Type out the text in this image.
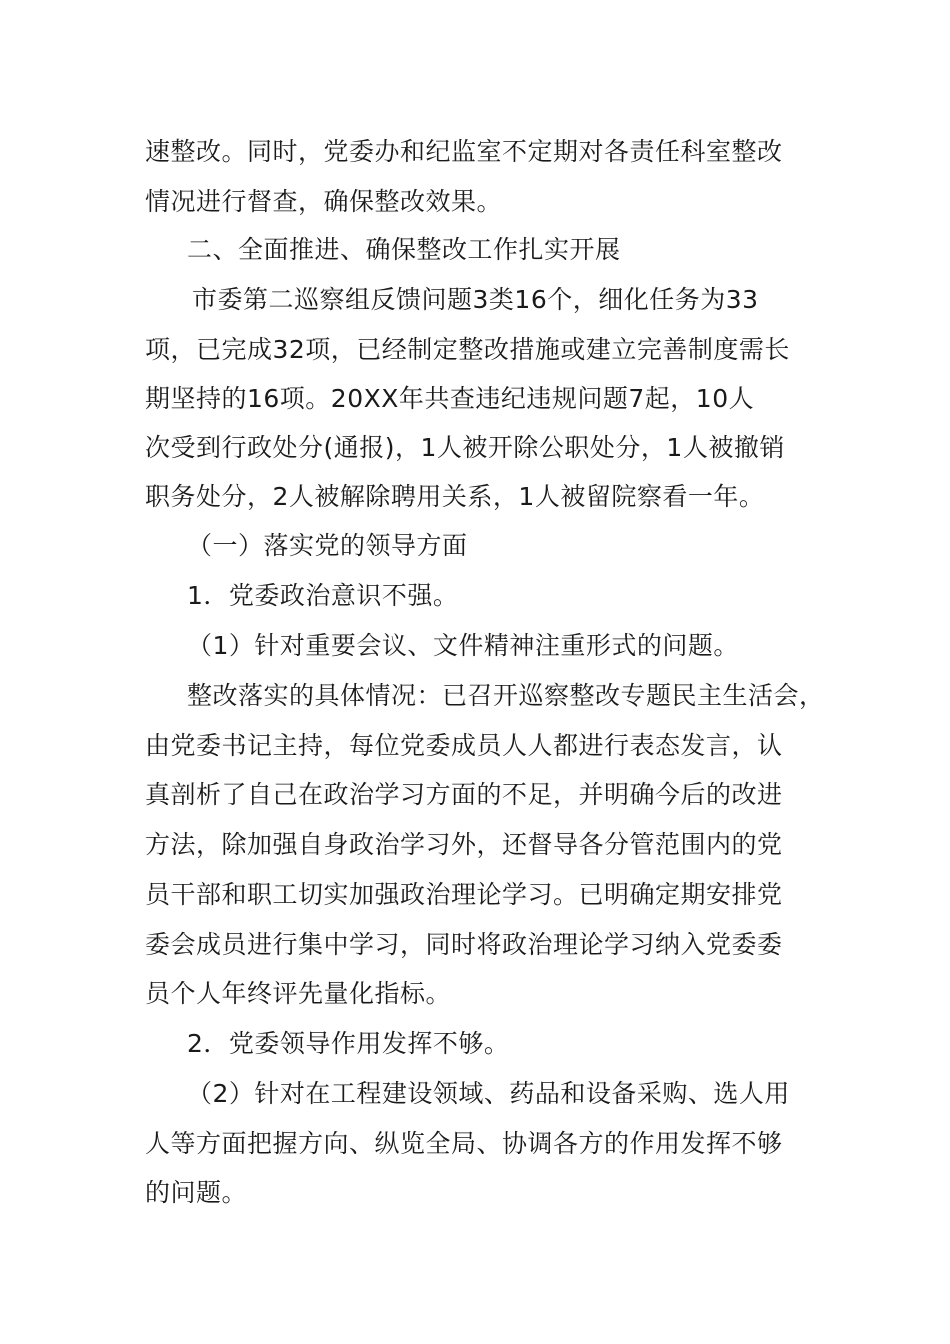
速整改。同时，党委办和纪监室不定期对各责任科室整改
情况进行督查，确保整改效果。
二、全面推进、确保整改工作扎实开展
市委第二巡察组反馈问题3类16个，细化任务为33
项，已完成32项，已经制定整改措施或建立完善制度需长
期坚持的16项。20XX年共查违纪违规问题7起，10人
次受到行政处分(通报)，1人被开除公职处分，1人被撤销
职务处分，2人被解除聘用关系，1人被留院察看一年。
（一）落实党的领导方面
1．党委政治意识不强。
（1）针对重要会议、文件精神注重形式的问题。
整改落实的具体情况：已召开巡察整改专题民主生活会，
由党委书记主持，每位党委成员人人都进行表态发言，认
真剖析了自己在政治学习方面的不足，并明确今后的改进
方法，除加强自身政治学习外，还督导各分管范围内的党
员干部和职工切实加强政治理论学习。已明确定期安排党
委会成员进行集中学习，同时将政治理论学习纳入党委委
员个人年终评先量化指标。
2．党委领导作用发挥不够。
（2）针对在工程建设领域、药品和设备采购、选人用
人等方面把握方向、纵览全局、协调各方的作用发挥不够
的问题。
